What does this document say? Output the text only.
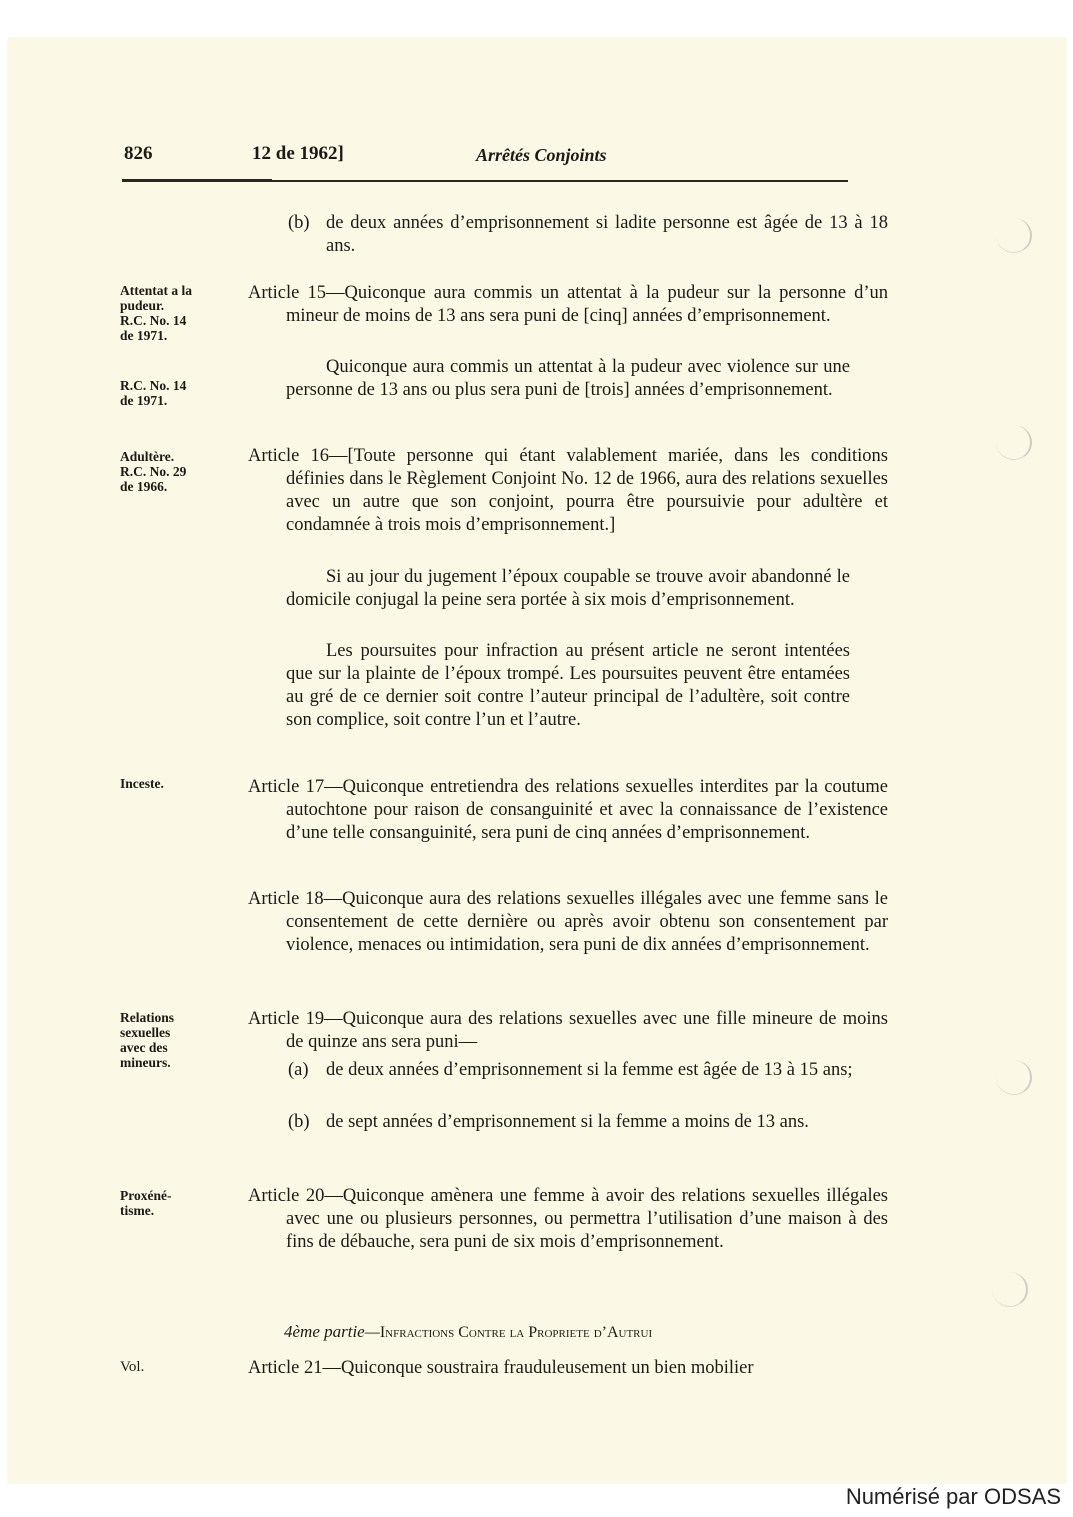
826	12 de 1962]	Arrêtés Conjoints
Attentat a la
pudeur.
R.C. No. 14
de 1971.
R.C. No. 14
de 1971.
Adultère.
R.C. No. 29
de 1966.
Inceste.
Relations
sexuelles
avec des
mineurs.
Proxéné-
tisme.
Vol.
(b) de deux années d’emprisonnement si ladite personne est âgée de 13 à 18 ans.
Article 15—Quiconque aura commis un attentat à la pudeur sur la personne d’un mineur de moins de 13 ans sera puni de [cinq] années d’emprisonnement.
Quiconque aura commis un attentat à la pudeur avec violence sur une personne de 13 ans ou plus sera puni de [trois] années d’emprisonnement.
Article 16—[Toute personne qui étant valablement mariée, dans les conditions définies dans le Règlement Conjoint No. 12 de 1966, aura des relations sexuelles avec un autre que son conjoint, pourra être poursuivie pour adultère et condamnée à trois mois d’emprisonnement.]
Si au jour du jugement l’époux coupable se trouve avoir abandonné le domicile conjugal la peine sera portée à six mois d’emprisonnement.
Les poursuites pour infraction au présent article ne seront intentées que sur la plainte de l’époux trompé. Les poursuites peuvent être entamées au gré de ce dernier soit contre l’auteur principal de l’adultère, soit contre son complice, soit contre l’un et l’autre.
Article 17—Quiconque entretiendra des relations sexuelles interdites par la coutume autochtone pour raison de consanguinité et avec la connaissance de l’existence d’une telle consanguinité, sera puni de cinq années d’emprisonnement.
Article 18—Quiconque aura des relations sexuelles illégales avec une femme sans le consentement de cette dernière ou après avoir obtenu son consentement par violence, menaces ou intimidation, sera puni de dix années d’emprisonnement.
Article 19—Quiconque aura des relations sexuelles avec une fille mineure de moins de quinze ans sera puni—
(a) de deux années d’emprisonnement si la femme est âgée de 13 à 15 ans;
(b) de sept années d’emprisonnement si la femme a moins de 13 ans.
Article 20—Quiconque amènera une femme à avoir des relations sexuelles illégales avec une ou plusieurs personnes, ou permettra l’utilisation d’une maison à des fins de débauche, sera puni de six mois d’emprisonnement.
4ème partie—Infractions Contre la Propriete d’Autrui
Article 21—Quiconque soustraira frauduleusement un bien mobilier
Numérisé par ODSAS
